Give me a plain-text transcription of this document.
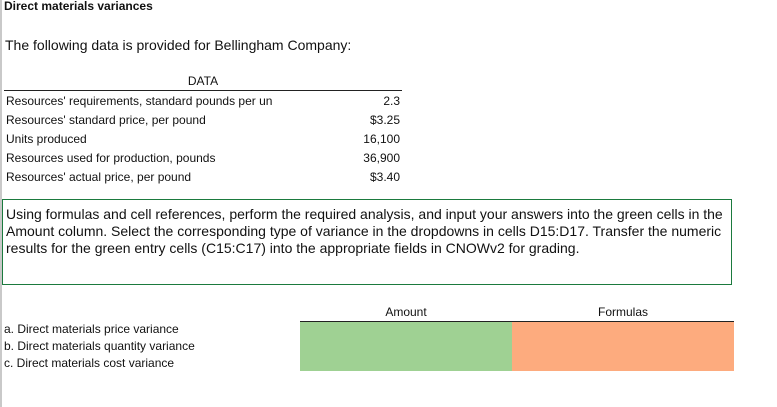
Direct materials variances
The following data is provided for Bellingham Company:
DATA
Resources' requirements, standard pounds per un	2.3
Resources' standard price, per pound	$3.25
Units produced	16,100
Resources used for production, pounds	36,900
Resources' actual price, per pound	$3.40
Using formulas and cell references, perform the required analysis, and input your answers into the green cells in the Amount column. Select the corresponding type of variance in the dropdowns in cells D15:D17. Transfer the numeric results for the green entry cells (C15:C17) into the appropriate fields in CNOWv2 for grading.
Amount	Formulas
a. Direct materials price variance
b. Direct materials quantity variance
c. Direct materials cost variance
